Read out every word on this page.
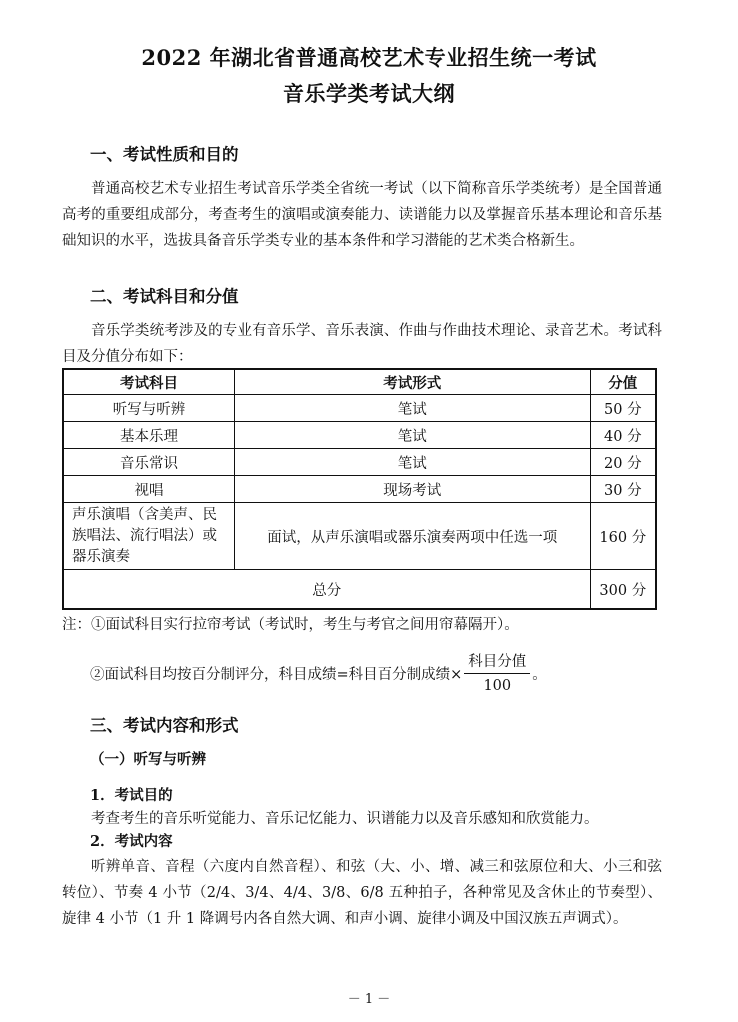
2022 年湖北省普通高校艺术专业招生统一考试
音乐学类考试大纲
一、考试性质和目的

普通高校艺术专业招生考试音乐学类全省统一考试（以下简称音乐学类统考）是全国普通高考的重要组成部分，考查考生的演唱或演奏能力、读谱能力以及掌握音乐基本理论和音乐基础知识的水平，选拔具备音乐学类专业的基本条件和学习潜能的艺术类合格新生。

二、考试科目和分值

音乐学类统考涉及的专业有音乐学、音乐表演、作曲与作曲技术理论、录音艺术。考试科目及分值分布如下：

考试科目	考试形式	分值
听写与听辨	笔试	50 分
基本乐理	笔试	40 分
音乐常识	笔试	20 分
视唱	现场考试	30 分
声乐演唱（含美声、民族唱法、流行唱法）或器乐演奏	面试，从声乐演唱或器乐演奏两项中任选一项	160 分
总分		300 分
注：①面试科目实行拉帘考试（考试时，考生与考官之间用帘幕隔开）。
②面试科目均按百分制评分，科目成绩=科目百分制成绩× $\frac{\text{科目分值}}{100}$ 。
三、考试内容和形式
（一）听写与听辨
1．考试目的

考查考生的音乐听觉能力、音乐记忆能力、识谱能力以及音乐感知和欣赏能力。

2．考试内容

听辨单音、音程（六度内自然音程）、和弦（大、小、增、减三和弦原位和大、小三和弦转位）、节奏 4 小节（2/4、3/4、4/4、3/8、6/8 五种拍子，各种常见及含休止的节奏型）、旋律 4 小节（1 升 1 降调号内各自然大调、和声小调、旋律小调及中国汉族五声调式）。

－ 1 －
